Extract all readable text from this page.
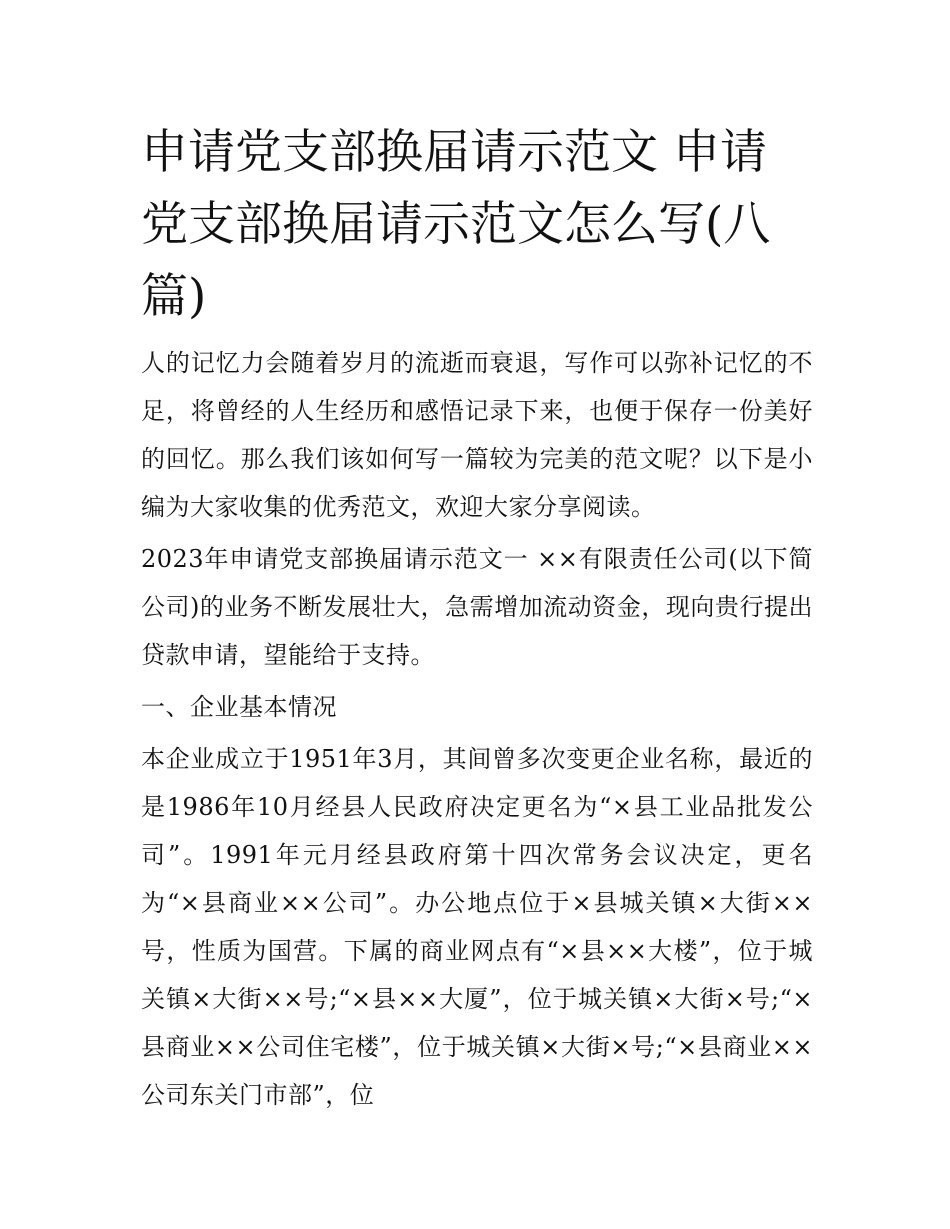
申请党支部换届请示范文 申请党支部换届请示范文怎么写(八篇)

人的记忆力会随着岁月的流逝而衰退，写作可以弥补记忆的不足，将曾经的人生经历和感悟记录下来，也便于保存一份美好的回忆。那么我们该如何写一篇较为完美的范文呢？以下是小编为大家收集的优秀范文，欢迎大家分享阅读。

2023年申请党支部换届请示范文一 ××有限责任公司(以下简公司)的业务不断发展壮大，急需增加流动资金，现向贵行提出贷款申请，望能给于支持。

一、企业基本情况

本企业成立于1951年3月，其间曾多次变更企业名称，最近的是1986年10月经县人民政府决定更名为“×县工业品批发公司”。1991年元月经县政府第十四次常务会议决定，更名为“×县商业××公司”。办公地点位于×县城关镇×大街××号，性质为国营。下属的商业网点有“×县××大楼”，位于城关镇×大街××号;“×县××大厦”，位于城关镇×大街×号;“×县商业××公司住宅楼”，位于城关镇×大街×号;“×县商业××公司东关门市部”，位
